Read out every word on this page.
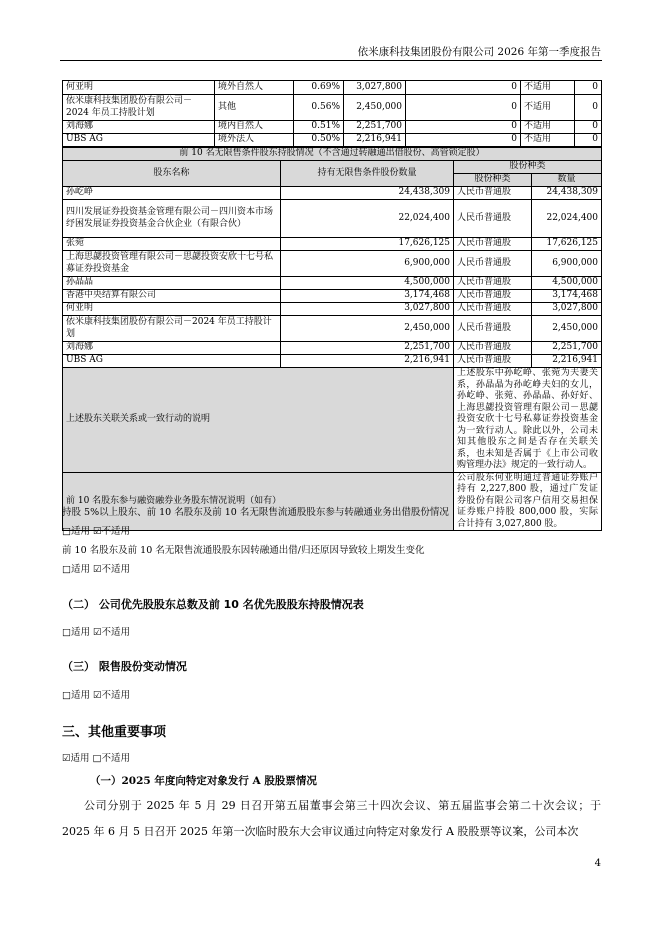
依米康科技集团股份有限公司 2026 年第一季度报告
何亚明	境外自然人	0.69%	3,027,800	0	不适用	0
依米康科技集团股份有限公司－2024 年员工持股计划	其他	0.56%	2,450,000	0	不适用	0
刘海娜	境内自然人	0.51%	2,251,700	0	不适用	0
UBS AG	境外法人	0.50%	2,216,941	0	不适用	0
前 10 名无限售条件股东持股情况（不含通过转融通出借股份、高管锁定股）			
股东名称	持有无限售条件股份数量	股份种类	
		股份种类	数量
孙屹峥	24,438,309	人民币普通股	24,438,309
四川发展证券投资基金管理有限公司－四川资本市场纾困发展证券投资基金合伙企业（有限合伙）	22,024,400	人民币普通股	22,024,400
张菀	17,626,125	人民币普通股	17,626,125
上海思勰投资管理有限公司－思勰投资安欣十七号私募证券投资基金	6,900,000	人民币普通股	6,900,000
孙晶晶	4,500,000	人民币普通股	4,500,000
香港中央结算有限公司	3,174,468	人民币普通股	3,174,468
何亚明	3,027,800	人民币普通股	3,027,800
依米康科技集团股份有限公司－2024 年员工持股计划	2,450,000	人民币普通股	2,450,000
刘海娜	2,251,700	人民币普通股	2,251,700
UBS AG	2,216,941	人民币普通股	2,216,941
上述股东关联关系或一致行动的说明		上述股东中孙屹峥、张菀为夫妻关系，孙晶晶为孙屹峥夫妇的女儿，孙屹峥、张菀、孙晶晶、孙好好、上海思勰投资管理有限公司－思勰投资安欣十七号私募证券投资基金为一致行动人。除此以外，公司未知其他股东之间是否存在关联关系，也未知是否属于《上市公司收购管理办法》规定的一致行动人。	
前 10 名股东参与融资融券业务股东情况说明（如有）		公司股东何亚明通过普通证券账户持有 2,227,800 股，通过广发证券股份有限公司客户信用交易担保证券账户持股 800,000 股，实际合计持有 3,027,800 股。	
持股 5%以上股东、前 10 名股东及前 10 名无限售流通股股东参与转融通业务出借股份情况
□适用 ☑不适用
前 10 名股东及前 10 名无限售流通股股东因转融通出借/归还原因导致较上期发生变化
□适用 ☑不适用
（二） 公司优先股股东总数及前 10 名优先股股东持股情况表
□适用 ☑不适用
（三） 限售股份变动情况
□适用 ☑不适用
三、其他重要事项
☑适用 □不适用
（一）2025 年度向特定对象发行 A 股股票情况
公司分别于 2025 年 5 月 29 日召开第五届董事会第三十四次会议、第五届监事会第二十次会议；于 2025 年 6 月 5 日召开 2025 年第一次临时股东大会审议通过向特定对象发行 A 股股票等议案，公司本次
4
